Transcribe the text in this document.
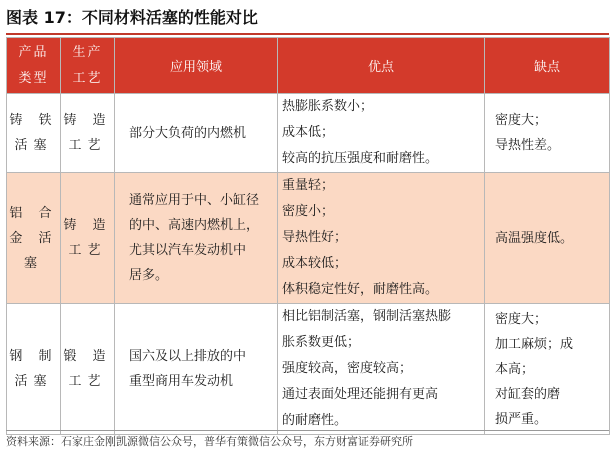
图表 17：不同材料活塞的性能对比
产品
类型	生产
工艺	应用领域	优点	缺点

铸 铁
活塞	铸 造
工艺	部分大负荷的内燃机	热膨胀系数小；
成本低；
较高的抗压强度和耐磨性。	密度大；
导热性差。

铝 合
金 活
塞	铸 造
工艺	通常应用于中、小缸径
的中、高速内燃机上，
尤其以汽车发动机中
居多。	重量轻；
密度小；
导热性好；
成本较低；
体积稳定性好，耐磨性高。	高温强度低。

钢 制
活塞	锻 造
工艺	国六及以上排放的中
重型商用车发动机	相比铝制活塞，钢制活塞热膨
胀系数更低；
强度较高，密度较高；
通过表面处理还能拥有更高
的耐磨性。	密度大；
加工麻烦；成
本高；
对缸套的磨
损严重。
资料来源：石家庄金刚凯源微信公众号，普华有策微信公众号，东方财富证券研究所
